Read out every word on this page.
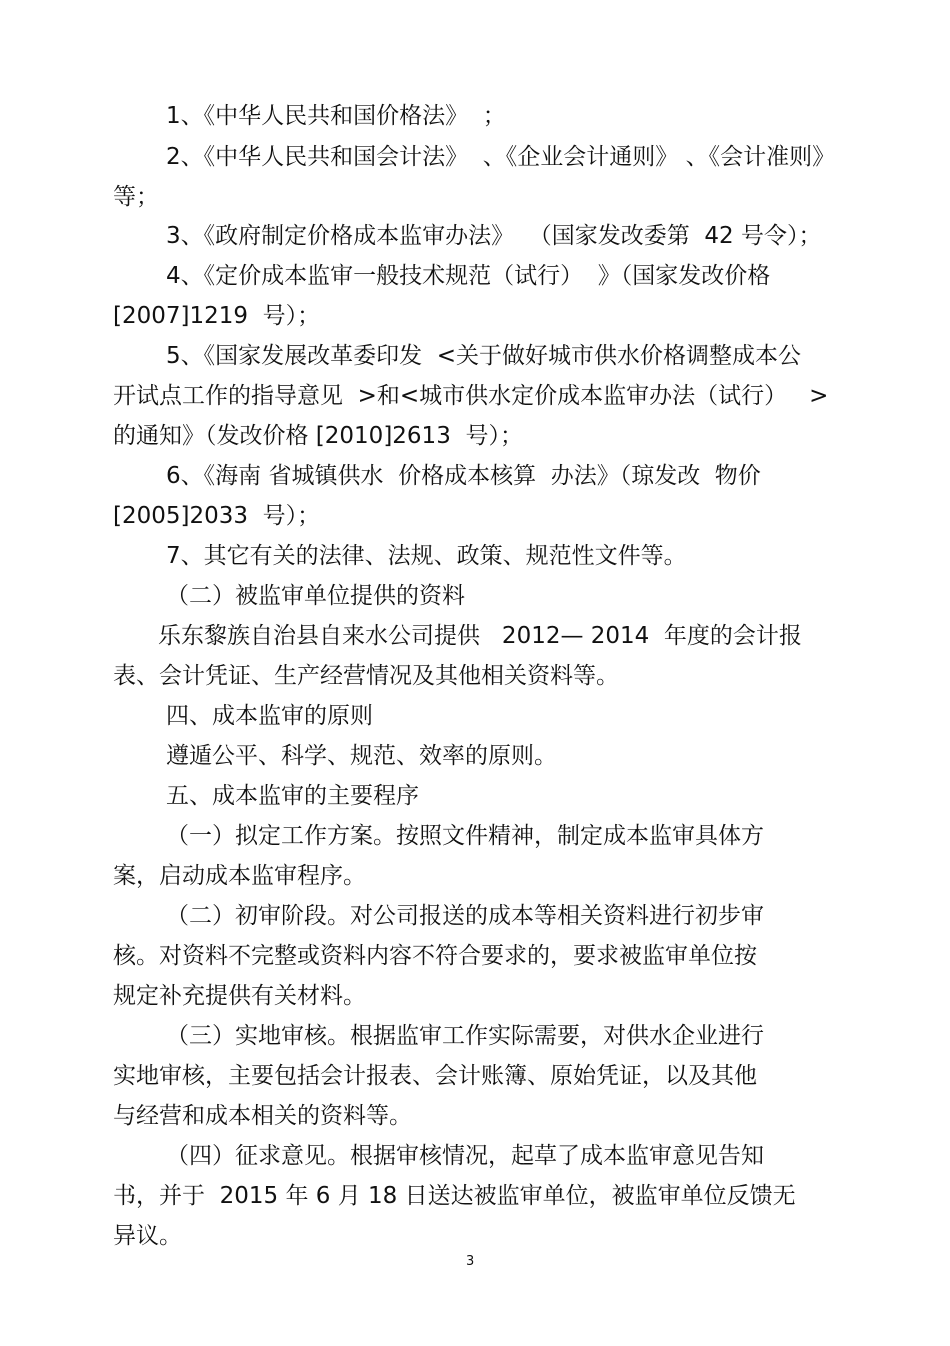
1、《中华人民共和国价格法》  ；
2、《中华人民共和国会计法》  、《企业会计通则》 、《会计准则》
等；
3、《政府制定价格成本监审办法》  （国家发改委第  42 号令）；
4、《定价成本监审一般技术规范（试行）  》（国家发改价格
[2007]1219  号）；
5、《国家发展改革委印发  <关于做好城市供水价格调整成本公
开试点工作的指导意见  >和<城市供水定价成本监审办法（试行）   >
的通知》（发改价格 [2010]2613  号）；
6、《海南 省城镇供水  价格成本核算  办法》（琼发改  物价
[2005]2033  号）；
7、其它有关的法律、法规、政策、规范性文件等。
（二）被监审单位提供的资料
乐东黎族自治县自来水公司提供   2012— 2014  年度的会计报
表、会计凭证、生产经营情况及其他相关资料等。
四、成本监审的原则
遵遁公平、科学、规范、效率的原则。
五、成本监审的主要程序
（一）拟定工作方案。按照文件精神，制定成本监审具体方
案，启动成本监审程序。
（二）初审阶段。对公司报送的成本等相关资料进行初步审
核。对资料不完整或资料内容不符合要求的，要求被监审单位按
规定补充提供有关材料。
（三）实地审核。根据监审工作实际需要，对供水企业进行
实地审核，主要包括会计报表、会计账簿、原始凭证，以及其他
与经营和成本相关的资料等。
（四）征求意见。根据审核情况，起草了成本监审意见告知
书，并于  2015 年 6 月 18 日送达被监审单位，被监审单位反馈无
异议。
3
